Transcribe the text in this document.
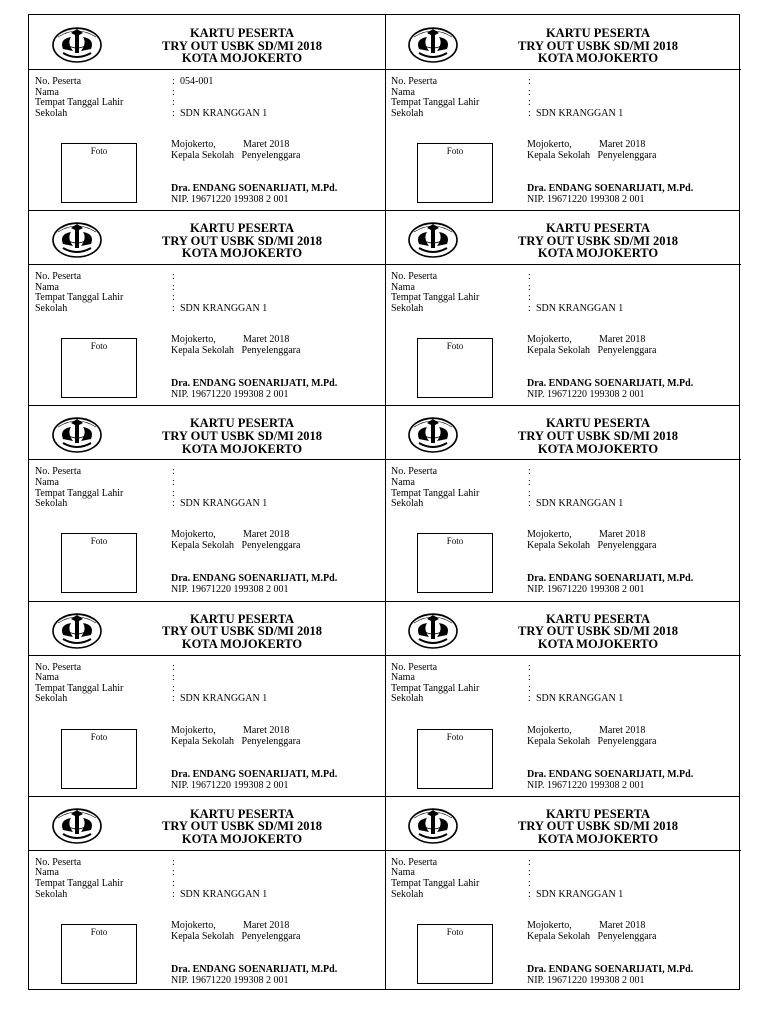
KARTU PESERTA
TRY OUT USBK SD/MI 2018
KOTA MOJOKERTO
No. Peserta	: 054-001
Nama	:
Tempat Tanggal Lahir	:
Sekolah	: SDN KRANGGAN 1
Foto
Mojokerto,	Maret 2018
Kepala Sekolah   Penyelenggara
Dra. ENDANG SOENARIJATI, M.Pd.
NIP. 19671220 199308 2 001
KARTU PESERTA
TRY OUT USBK SD/MI 2018
KOTA MOJOKERTO
No. Peserta	:
Nama	:
Tempat Tanggal Lahir	:
Sekolah	: SDN KRANGGAN 1
Foto
Mojokerto,	Maret 2018
Kepala Sekolah   Penyelenggara
Dra. ENDANG SOENARIJATI, M.Pd.
NIP. 19671220 199308 2 001
KARTU PESERTA
TRY OUT USBK SD/MI 2018
KOTA MOJOKERTO
No. Peserta	:
Nama	:
Tempat Tanggal Lahir	:
Sekolah	: SDN KRANGGAN 1
Foto
Mojokerto,	Maret 2018
Kepala Sekolah   Penyelenggara
Dra. ENDANG SOENARIJATI, M.Pd.
NIP. 19671220 199308 2 001
KARTU PESERTA
TRY OUT USBK SD/MI 2018
KOTA MOJOKERTO
No. Peserta	:
Nama	:
Tempat Tanggal Lahir	:
Sekolah	: SDN KRANGGAN 1
Foto
Mojokerto,	Maret 2018
Kepala Sekolah   Penyelenggara
Dra. ENDANG SOENARIJATI, M.Pd.
NIP. 19671220 199308 2 001
KARTU PESERTA
TRY OUT USBK SD/MI 2018
KOTA MOJOKERTO
No. Peserta	:
Nama	:
Tempat Tanggal Lahir	:
Sekolah	: SDN KRANGGAN 1
Foto
Mojokerto,	Maret 2018
Kepala Sekolah   Penyelenggara
Dra. ENDANG SOENARIJATI, M.Pd.
NIP. 19671220 199308 2 001
KARTU PESERTA
TRY OUT USBK SD/MI 2018
KOTA MOJOKERTO
No. Peserta	:
Nama	:
Tempat Tanggal Lahir	:
Sekolah	: SDN KRANGGAN 1
Foto
Mojokerto,	Maret 2018
Kepala Sekolah   Penyelenggara
Dra. ENDANG SOENARIJATI, M.Pd.
NIP. 19671220 199308 2 001
KARTU PESERTA
TRY OUT USBK SD/MI 2018
KOTA MOJOKERTO
No. Peserta	:
Nama	:
Tempat Tanggal Lahir	:
Sekolah	: SDN KRANGGAN 1
Foto
Mojokerto,	Maret 2018
Kepala Sekolah   Penyelenggara
Dra. ENDANG SOENARIJATI, M.Pd.
NIP. 19671220 199308 2 001
KARTU PESERTA
TRY OUT USBK SD/MI 2018
KOTA MOJOKERTO
No. Peserta	:
Nama	:
Tempat Tanggal Lahir	:
Sekolah	: SDN KRANGGAN 1
Foto
Mojokerto,	Maret 2018
Kepala Sekolah   Penyelenggara
Dra. ENDANG SOENARIJATI, M.Pd.
NIP. 19671220 199308 2 001
KARTU PESERTA
TRY OUT USBK SD/MI 2018
KOTA MOJOKERTO
No. Peserta	:
Nama	:
Tempat Tanggal Lahir	:
Sekolah	: SDN KRANGGAN 1
Foto
Mojokerto,	Maret 2018
Kepala Sekolah   Penyelenggara
Dra. ENDANG SOENARIJATI, M.Pd.
NIP. 19671220 199308 2 001
KARTU PESERTA
TRY OUT USBK SD/MI 2018
KOTA MOJOKERTO
No. Peserta	:
Nama	:
Tempat Tanggal Lahir	:
Sekolah	: SDN KRANGGAN 1
Foto
Mojokerto,	Maret 2018
Kepala Sekolah   Penyelenggara
Dra. ENDANG SOENARIJATI, M.Pd.
NIP. 19671220 199308 2 001
